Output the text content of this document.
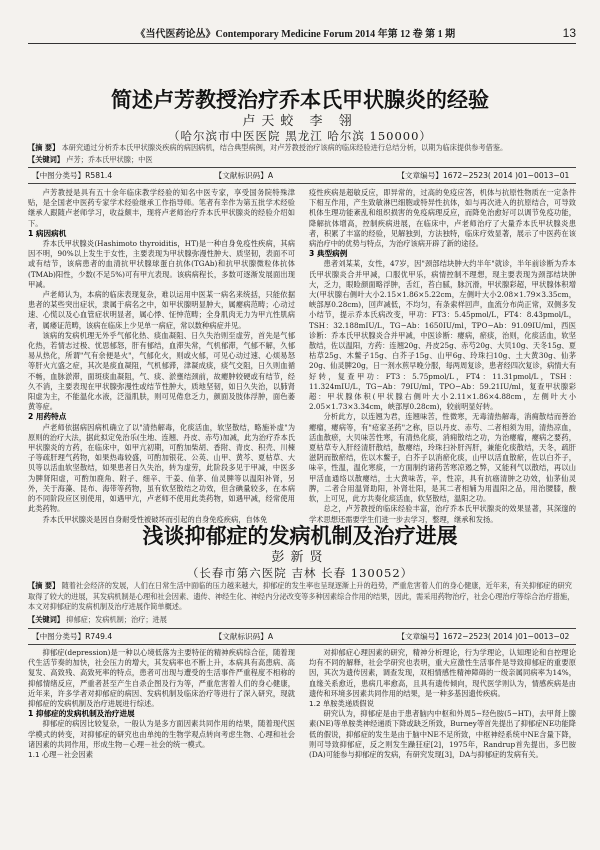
《当代医药论丛》Contemporary Medicine Forum 2014 年第 12 卷 第 1 期	13
简述卢芳教授治疗乔本氏甲状腺炎的经验
卢天蛟 李 翎
（哈尔滨市中医医院 黑龙江 哈尔滨 150000）
【摘 要】 本研究通过分析乔本氏甲状腺炎疾病的病因病机，结合典型病例，对卢芳教授治疗该病的临床经验进行总结分析，以期为临床提供参考借鉴。
【关键词】 卢芳；乔本氏甲状腺；中医
【中图分类号】R581.4	【文献标识码】A	【文章编号】1672−2523( 2014 )01−0013−01

卢芳教授是具有五十余年临床教学经验的知名中医专家，享受国务院特殊津贴，是全国老中医药专家学术经验继承工作指导师。笔者有幸作为第五批学术经验继承人跟随卢老师学习，收益颇丰，现将卢老师治疗乔本氏甲状腺炎的经验介绍如下。

1 病因病机

乔本氏甲状腺炎(Hashimoto thyroiditis，HT)是一种自身免疫性疾病，其病因不明，90%以上发生于女性，主要表现为甲状腺弥漫性肿大、质坚韧，表面不可或有结节，该病患者的血清抗甲状腺球蛋白抗体(TGAb)和抗甲状腺微粒体抗体(TMAb)阳性，少数(不足5%)可有甲亢表现。该病病程长，多数可逐渐发展面出现甲减。

卢老师认为，本病的临床表现复杂，难以运用中医某一病名来统括，只能依据患者的某些突出症状，隶属于病名之中，如甲状腺明显肿大，属瘿病范畴；心动过速、心慌以及心血管症状明显者，属心悸、怔忡范畴；全身肌肉无力为甲亢性肌病者，属痿证范畴，该病在临床上少见单一病症，常以数种病症并见。

该病的发病机理无外乎气郁化热、痰血凝阻、日久失治则至虚劳，首先是气郁化热，若情志过极、忧思郁怒，肝有郁结，血滞失常，气机郁滞，气郁不解，久郁易从热化，所谓"气有余便是火"，气郁化火，则或火郁，可见心动过速、心烦易怒等肝火亢盛之症，其次是痰血凝阻，气机郁滞，津凝成痰，痰气交阻，日久则血循不畅，血脉淤滞，面斑痰血凝阻，气、痰、淤壅结颈前，故瘿肿较硬或有结节，经久不消，主要表现在甲状腺弥漫性或结节性肿大，质地坚韧，如日久失治，以肺肾阳虚为主，不能温化水液，泛溢肌肤，则可见倦怠乏力，颜面及肢体浮肿，面色萎黄等症。

2 用药特点

卢老师依据病因病机确立了以"清热解毒，化痰活血，软坚散结，略施补虚"为原则的治疗大法，据此拟定免治乐(生地、连翘、丹皮、赤芍)加减，此为治疗乔本氏甲状腺炎的方药，在临床中，如甲亢初期，可酌加柴胡、香附、青皮、积壳、川楝子等疏肝理气药物，如果热毒较盛，可酌加银花、公英、山甲、黄芩、夏枯草、大贝等以活血软坚散结，如果患者日久失治，转为虚劳，此阶段多见于甲减，中医多为脾肾阳虚，可酌加鹿角、附子、细辛、干姜、仙茅、仙灵脾等以温阳补肾，另外，关于海藻、昆布、海带等药物，虽有软坚散结之功效，但含碘量较多，在本病的不同阶段应区别使用，如遇甲亢，卢老师不使用此类药物，如遇甲减，经常使用此类药物。

乔本氏甲状腺炎是因自身耐受性被破坏而引起的自身免疫疾病，自体免

疫性疾病是超敏反应，即异常的，过高的免疫应答，机体与抗原性物质在一定条件下相互作用，产生致敏淋巴细胞或特异性抗体，如与再次进入的抗原结合，可导致机体生理功能紊乱和组织损害的免疫病理反应，而降免治愈好可以调节免疫功能，降解抗体增高，控制疾病进展，在临床中，卢老师治疗了大量乔本氏甲状腺炎患者，积累了丰富的经验，见解独到，方法独特，临床疗效显著，展示了中医药在该病治疗中的优势与特点，为治疗该病开辟了新的途径。

3 典型病例

患者刘某某，女性，47岁，因"颈部结块肿大约半年"就诊，半年前诊断为乔本氏甲状腺炎合并甲减，口服优甲乐，病情控制不理想，现主要表现为颈部结块肿大，乏力，眼睑颜面略浮肿，舌红，苔白腻，脉沉滑，甲状腺彩超，甲状腺体积增大(甲状腺右侧叶大小2.15×1.86×5.22cm，左侧叶大小2.08×1.79×3.35cm，峡部厚0.28cm)，回声减低，不均匀，有条索样回声，血流分布尚正常，双侧多发小结节，提示乔本氏病改变，甲功：FT3：5.45pmol/L，FT4：8.43pmol/L，TSH：32.188mIU/L，TG−Ab：1650IU/ml，TPO−Ab：91.09IU/ml，西医诊断：乔本氏甲状腺炎合并甲减，中医诊断：瘿病，瘀痰，治则，化痰活血，软坚散结，佐以温阳，方药：连翘20g、丹皮25g、赤芍20g、大贝10g、天冬15g、夏枯草25g、木鳖子15g、白芥子15g、山甲6g、玲珠扫10g、土大黄30g、仙茅20g、仙灵脾20g，日一剂水煎早晚分服，每两周复诊，患者经四次复诊，病情大有好转，复查甲功：FT3：5.75pmol/L，FT4：11.31pmol/L，TSH：11.324mIU/L，TG−Ab：79IU/ml，TPO−Ab：59.21IU/ml，复查甲状腺彩超：甲状腺体积(甲状腺右侧叶大小2.11×1.86×4.88cm，左侧叶大小2.05×1.73×3.34cm，峡部厚0.28cm)，较前明显好转。

分析此方，以连翘为君，连翘味苦，性微寒，无毒清热解毒，消痈散结而善治瘿瘤，瘿病等，有"疮家圣药"之称，臣以丹皮、赤芍、二者相须为用，清热凉血，活血散瘀，大贝味苦性寒，有清热化痰，消痈散结之功，为治瘿瘤，瘿病之要药，夏枯草专入肝经清肝散结，散瘿结，玲珠扫补肝泻肝，兼能化痰散结，天冬，疏肝滋阴而散瘀结，佐以木鳖子，白芥子以消瘀化痰，山甲以活血散瘀，佐以白芥子，味辛，性温，温化寒痰，一方面制约诸药苦寒凉遏之弊，又能利气以散结，再以山甲活血通络以散瘿结，土大黄味苦，辛，性凉，具有抗癌清肿之功效，仙茅仙灵脾，二者合用温肾助阳，补肾壮阳，是其二者相辅为用温阳之品，用治腰膝，酸软，上可见，此方共奏化痰活血，软坚散结，温阳之功。

总之，卢芳教授的临床经验丰富，治疗乔本氏甲状腺炎的效果显著，其深邃的学术思想还需要学生们进一步去学习，整理，继承和发扬。

浅谈抑郁症的发病机制及治疗进展
彭新贤
（长春市第六医院 吉林 长春 130052）
【摘 要】 随着社会经济的发展，人们在日常生活中面临的压力越来越大，抑郁症的发生率也呈现逐渐上升的趋势，严重危害着人们的身心健康，近年来，有关抑郁症的研究取得了较大的进展，其发病机制是心理和社会因素、遗传、神经生化、神经内分泌改变等多种因素综合作用的结果，因此，需采用药物治疗，社会心理治疗等综合治疗措施，本文对抑郁症的发病机制及治疗进展作简单概述。
【关键词】 抑郁症；发病机制；治疗；进展
【中图分类号】R749.4	【文献标识码】A	【文章编号】1672−2523( 2014 )01−0013−02

抑郁症(depression)是一种以心境低落为主要特征的精神疾病综合征，随着现代生活节奏的加快，社会压力的增大，其发病率也不断上升，本病具有高患病、高复发、高致残、高致死率的特点，患者可出现与遭受的生活事件严重程度不相称的抑郁情绪反应，严重者甚至产生自杀企图及行为等，严重危害着人们的身心健康，近年来，许多学者对抑郁症的病因、发病机制及临床治疗等进行了深入研究，现就抑郁症的发病机制及治疗进展进行综述。

1 抑郁症的发病机制及治疗进展

抑郁症的病因比较复杂，一般认为是多方面因素共同作用的结果，随着现代医学模式的转变，对抑郁症的研究也由单纯的生物学观点转向考虑生物、心理和社会诸因素的共同作用，形成生物－心理－社会的统一模式。

1.1 心理－社会因素

对抑郁症心理因素的研究，精神分析理论，行为学理论，认知理论和自控理论均有不同的解释，社会学研究也表明，重大应激性生活事件是导致抑郁症的重要原因，其次为遗传因素，调查发现，双相情感性精神障碍的一级亲属同病率为14%，血缘关系愈近，患病几率愈高，且具有遗传倾向，现代医学则认为，情感疾病是由遗传和环境多因素共同作用的结果，是一种多基因遗传疾病。

1.2 单胺类递质假说

研究认为，抑郁症是由于患者脑内中枢和外周5−羟色胺(5−HT)，去甲肾上腺素(NE)等单胺类神经递质下降或缺乏所致，Burney等首先提出了抑郁症NE功能降低的假说，抑郁症的发生是由于脑中NE不足所致，中枢神经系统中NE含量下降，则可导致抑郁症，反之则发生躁狂症[2]，1975年，Randrup首先提出，多巴胺(DA)可能参与抑郁症的发病，有研究发现[3]，DA与抑郁症的发病有关。
